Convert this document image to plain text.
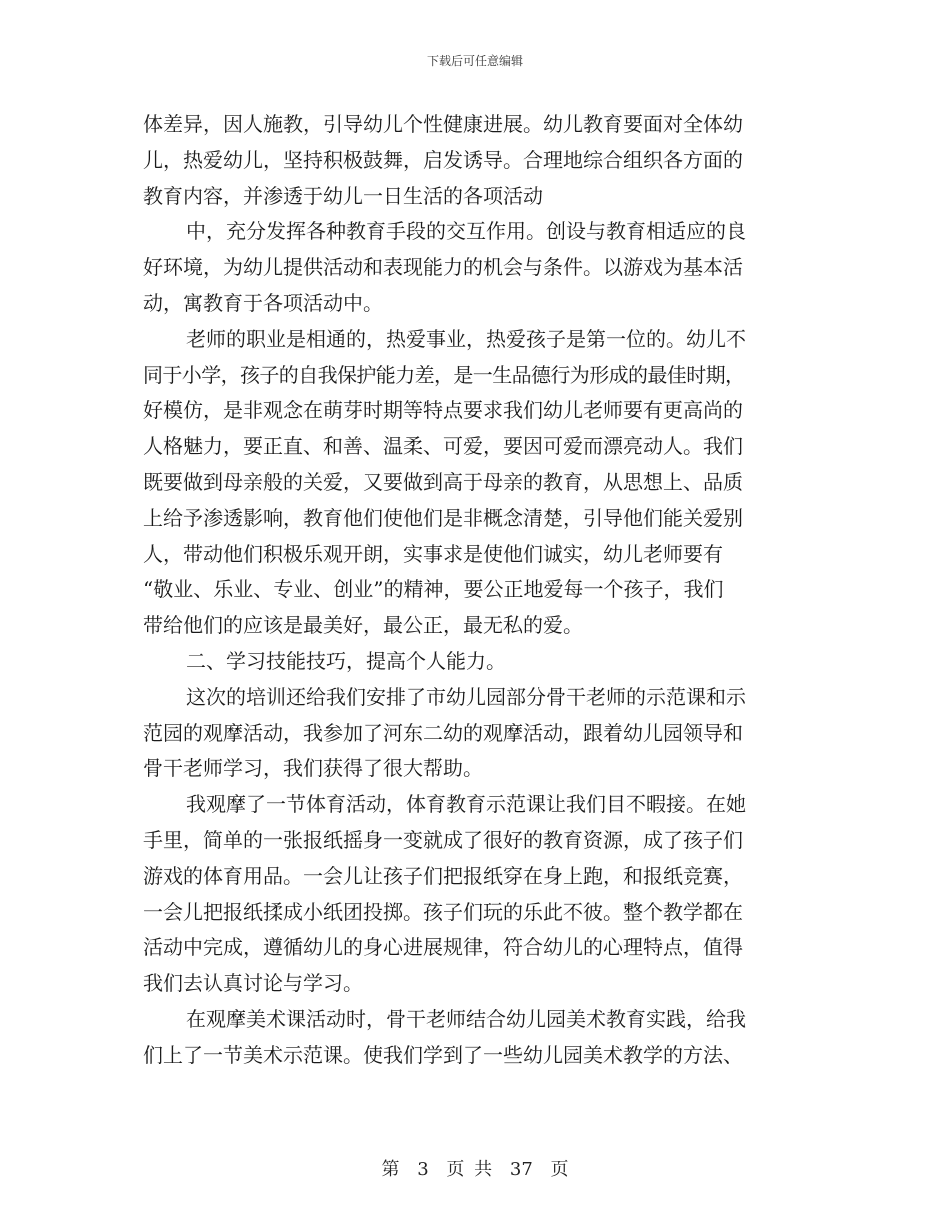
下载后可任意编辑
体差异，因人施教，引导幼儿个性健康进展。幼儿教育要面对全体幼
儿，热爱幼儿，坚持积极鼓舞，启发诱导。合理地综合组织各方面的
教育内容，并渗透于幼儿一日生活的各项活动
中，充分发挥各种教育手段的交互作用。创设与教育相适应的良
好环境，为幼儿提供活动和表现能力的机会与条件。以游戏为基本活
动，寓教育于各项活动中。
老师的职业是相通的，热爱事业，热爱孩子是第一位的。幼儿不
同于小学，孩子的自我保护能力差，是一生品德行为形成的最佳时期，
好模仿，是非观念在萌芽时期等特点要求我们幼儿老师要有更高尚的
人格魅力，要正直、和善、温柔、可爱，要因可爱而漂亮动人。我们
既要做到母亲般的关爱，又要做到高于母亲的教育，从思想上、品质
上给予渗透影响，教育他们使他们是非概念清楚，引导他们能关爱别
人，带动他们积极乐观开朗，实事求是使他们诚实，幼儿老师要有
“敬业、乐业、专业、创业”的精神，要公正地爱每一个孩子，我们
带给他们的应该是最美好，最公正，最无私的爱。
二、学习技能技巧，提高个人能力。
这次的培训还给我们安排了市幼儿园部分骨干老师的示范课和示
范园的观摩活动，我参加了河东二幼的观摩活动，跟着幼儿园领导和
骨干老师学习，我们获得了很大帮助。
我观摩了一节体育活动，体育教育示范课让我们目不暇接。在她
手里，简单的一张报纸摇身一变就成了很好的教育资源，成了孩子们
游戏的体育用品。一会儿让孩子们把报纸穿在身上跑，和报纸竞赛，
一会儿把报纸揉成小纸团投掷。孩子们玩的乐此不彼。整个教学都在
活动中完成，遵循幼儿的身心进展规律，符合幼儿的心理特点，值得
我们去认真讨论与学习。
在观摩美术课活动时，骨干老师结合幼儿园美术教育实践，给我
们上了一节美术示范课。使我们学到了一些幼儿园美术教学的方法、
第 3 页 共 37 页
